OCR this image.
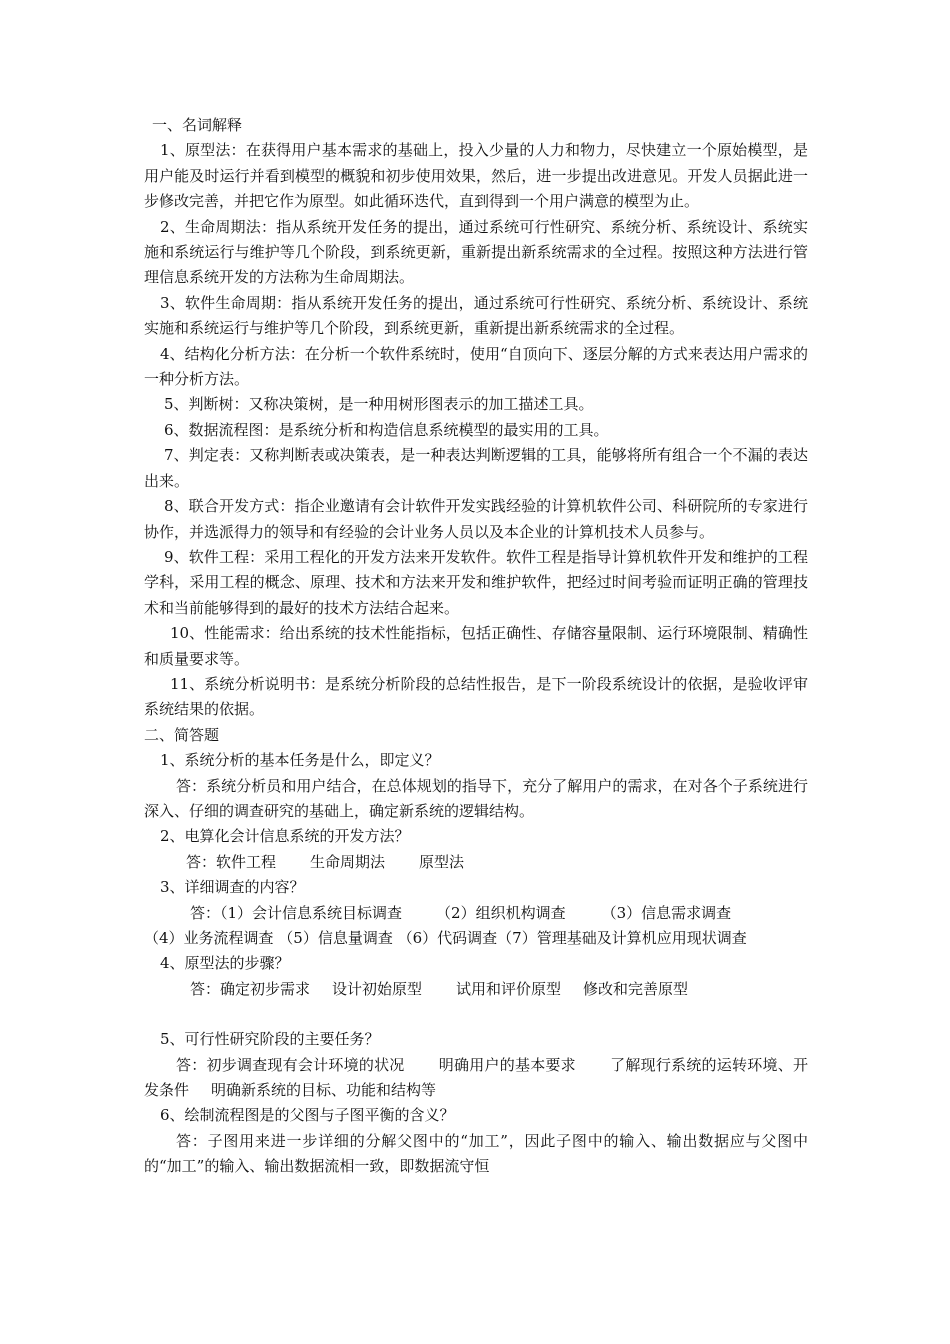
一、名词解释

1、原型法：在获得用户基本需求的基础上，投入少量的人力和物力，尽快建立一个原始模型，是用户能及时运行并看到模型的概貌和初步使用效果，然后，进一步提出改进意见。开发人员据此进一步修改完善，并把它作为原型。如此循环迭代，直到得到一个用户满意的模型为止。

2、生命周期法：指从系统开发任务的提出，通过系统可行性研究、系统分析、系统设计、系统实施和系统运行与维护等几个阶段，到系统更新，重新提出新系统需求的全过程。按照这种方法进行管理信息系统开发的方法称为生命周期法。

3、软件生命周期：指从系统开发任务的提出，通过系统可行性研究、系统分析、系统设计、系统实施和系统运行与维护等几个阶段，到系统更新，重新提出新系统需求的全过程。

4、结构化分析方法：在分析一个软件系统时，使用“自顶向下、逐层分解的方式来表达用户需求的一种分析方法。

5、判断树：又称决策树，是一种用树形图表示的加工描述工具。

6、数据流程图：是系统分析和构造信息系统模型的最实用的工具。

7、判定表：又称判断表或决策表，是一种表达判断逻辑的工具，能够将所有组合一个不漏的表达出来。

8、联合开发方式：指企业邀请有会计软件开发实践经验的计算机软件公司、科研院所的专家进行协作，并选派得力的领导和有经验的会计业务人员以及本企业的计算机技术人员参与。

9、软件工程：采用工程化的开发方法来开发软件。软件工程是指导计算机软件开发和维护的工程学科，采用工程的概念、原理、技术和方法来开发和维护软件，把经过时间考验而证明正确的管理技术和当前能够得到的最好的技术方法结合起来。

10、性能需求：给出系统的技术性能指标，包括正确性、存储容量限制、运行环境限制、精确性和质量要求等。

11、系统分析说明书：是系统分析阶段的总结性报告，是下一阶段系统设计的依据，是验收评审系统结果的依据。

二、简答题

1、系统分析的基本任务是什么，即定义？

答：系统分析员和用户结合，在总体规划的指导下，充分了解用户的需求，在对各个子系统进行深入、仔细的调查研究的基础上，确定新系统的逻辑结构。

2、电算化会计信息系统的开发方法？

答：软件工程 生命周期法 原型法

3、详细调查的内容？

答：（1）会计信息系统目标调查 （2）组织机构调查 （3）信息需求调查

（4）业务流程调查 （5）信息量调查 （6）代码调查（7）管理基础及计算机应用现状调查

4、原型法的步骤？

答：确定初步需求 设计初始原型 试用和评价原型 修改和完善原型

5、可行性研究阶段的主要任务？

答：初步调查现有会计环境的状况 明确用户的基本要求 了解现行系统的运转环境、开发条件 明确新系统的目标、功能和结构等

6、绘制流程图是的父图与子图平衡的含义？

答：子图用来进一步详细的分解父图中的“加工”，因此子图中的输入、输出数据应与父图中的“加工”的输入、输出数据流相一致，即数据流守恒
